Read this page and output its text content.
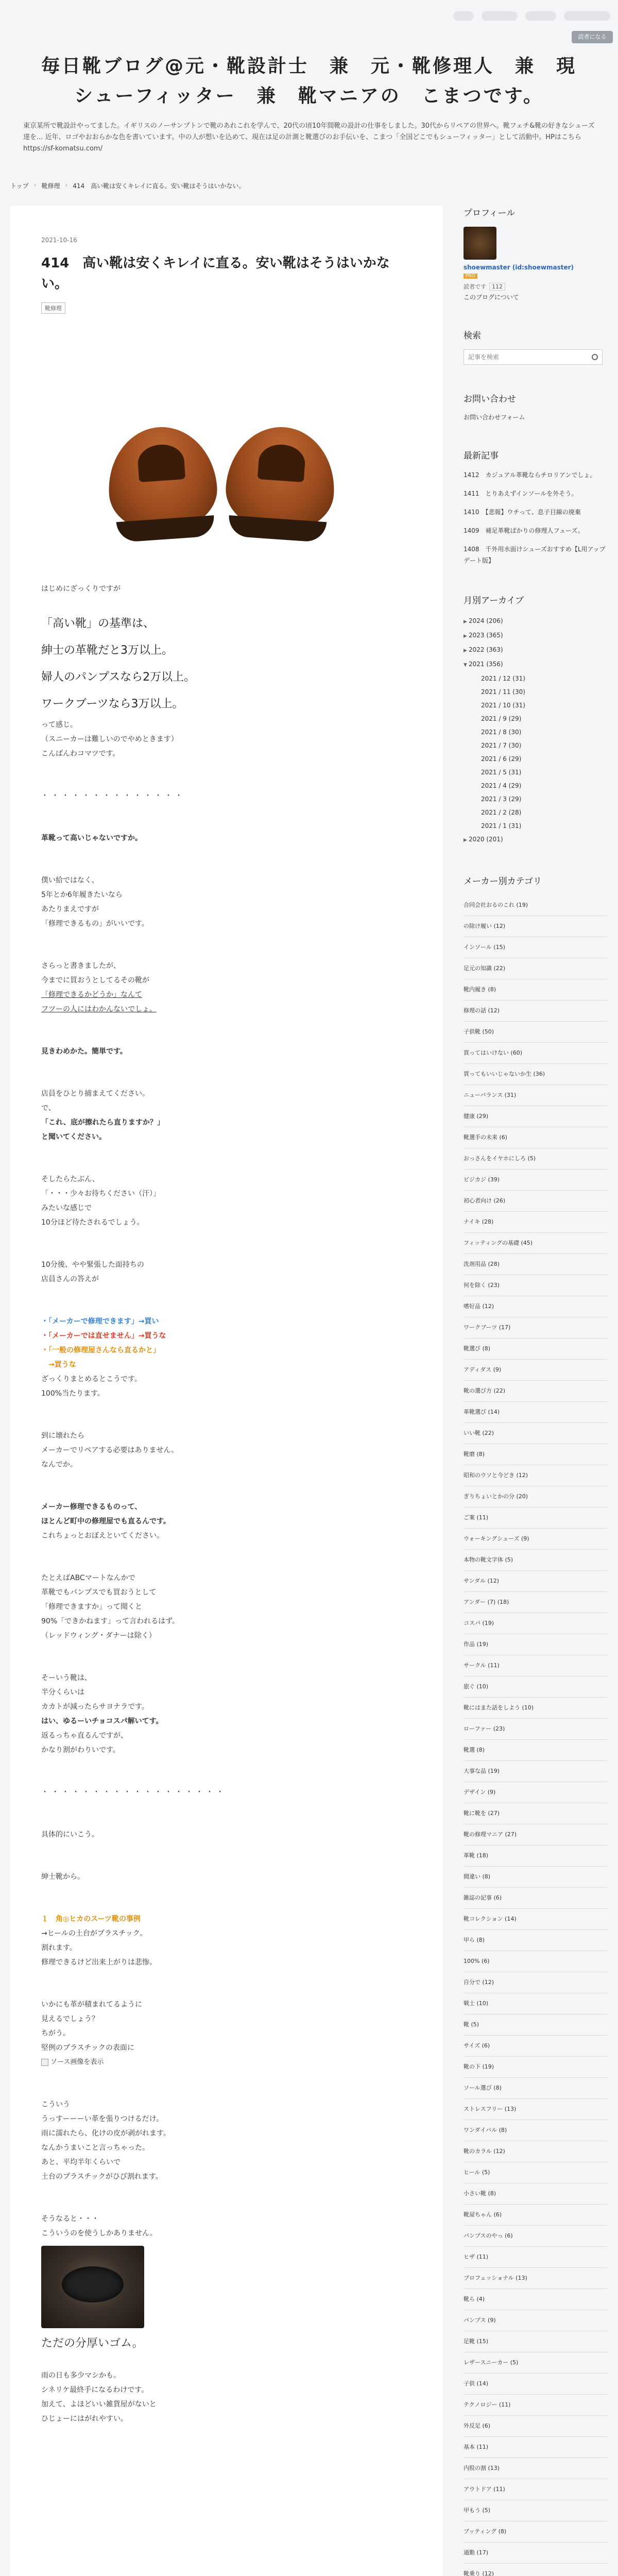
読者になる
毎日靴ブログ@元・靴設計士　兼　元・靴修理人　兼　現シューフィッター　兼　靴マニアの　こまつです。

東京某所で靴設計やってました。イギリスのノーサンプトンで靴のあれこれを学んで、20代の頃10年間靴の設計の仕事をしました。30代からリペアの世界へ。靴フェチ&靴の好きなシューズ達を... 近年、ロゴやおおらかな色を書いています。中の人が想いを込めて、現在は足の計測と靴選びのお手伝いを、こまつ「全国どこでもシューフィッター」として活動中。HPはこちらhttps://sf-komatsu.com/

トップ › 靴修理 › 414　高い靴は安くキレイに直る。安い靴はそうはいかない。
2021-10-16
414　高い靴は安くキレイに直る。安い靴はそうはいかない。
靴修理

はじめにざっくりですが

「高い靴」の基準は、

紳士の革靴だと3万以上。

婦人のパンプスなら2万以上。

ワークブーツなら3万以上。

って感じ。

（スニーカーは難しいのでやめときます）

こんばんわコマツです。

・・・・・・・・・・・・・・

革靴って高いじゃないですか。

僕い給ではなく、

5年とか6年履きたいなら

あたりまえですが

「修理できるもの」がいいです。

さらっと書きましたが、

今までに買おうとしてるその靴が

「修理できるかどうか」なんて

フツーの人にはわかんないでしょ。

見きわめかた。簡単です。

店員をひとり捕まえてください。

で、

「これ、底が擦れたら直りますか？」

と聞いてください。

そしたらたぶん、

「・・・少々お待ちください（汗）」

みたいな感じで

10分ほど待たされるでしょう。

10分後、やや緊張した面持ちの

店員さんの答えが

・「メーカーで修理できます」→買い

・「メーカーでは直せません」→買うな

・「一般の修理屋さんなら直るかと」

　→買うな

ざっくりまとめるとこうです。

100%当たります。

到に壊れたら

メーカーでリペアする必要はありません。

なんでか。

メーカー修理できるものって、

ほとんど町中の修理屋でも直るんです。

これちょっとおぼえといてください。

たとえばABCマートなんかで

革靴でもパンプスでも買おうとして

「修理できますか」って聞くと

90%「できかねます」って言われるはず。

（レッドウィング・ダナーは除く）

そーいう靴は、

半分くらいは

カカトが減ったらサヨナラです。

はい、ゆるーいチョコスパ解いてす。

返るっちゃ直るんですが、

かなり割がわりいです。

・・・・・・・・・・・・・・・・・・

具体的にいこう。

紳士靴から。

１　角◎ヒカのスーツ靴の事例

→ヒールの土台がプラスチック。

割れます。

修理できるけど出来上がりは悲惨。

いかにも革が積まれてるように

見えるでしょう？

ちがう。

堅例のプラスチックの表面に

ソース画像を表示

こういう

うっすーーーい革を張りつけるだけ。

雨に濡れたら、化けの皮が剥がれます。

なんかうまいこと言っちゃった。

あと、平均半年くらいで

土台のプラスチックがひび割れます。

そうなると・・・

こういうのを使うしかありません。

ただの分厚いゴム。

雨の日も多少マシかも。

シネリケ最終手になるわけです。

加えて、よほどいい雑貨屋がないと

ひじょーにはがれやすい。

プロフィール
shoewmaster (id:shoewmaster)
PRO
読者です	112
このブログについて
検索
記事を検索
お問い合わせ
お問い合わせフォーム
最新記事
1412　カジュアル革靴ならチロリアンでしょ。
1411　とりあえずインソールを外そう。
1410　【悲報】ウチって、息子目線の廃棄
1409　補足革靴ばかりの修理人フューズ。
1408　千外用水面けシューズおすすめ【L用アップデート版】
月別アーカイブ
▶ 2024 (206)
▶ 2023 (365)
▶ 2022 (363)
▼ 2021 (356)
2021 / 12 (31)
2021 / 11 (30)
2021 / 10 (31)
2021 / 9 (29)
2021 / 8 (30)
2021 / 7 (30)
2021 / 6 (29)
2021 / 5 (31)
2021 / 4 (29)
2021 / 3 (29)
2021 / 2 (28)
2021 / 1 (31)
▶ 2020 (201)
メーカー別カテゴリ
合同会社おるのこれ (19)
の除け履い (12)
インソール (15)
足元の知識 (22)
靴内履き (8)
修理の話 (12)
子供靴 (50)
買ってはいけない (60)
買ってもいいじゃないか生 (36)
ニューバランス (31)
健康 (29)
靴選手の未来 (6)
おっさんをイヤホにしろ (5)
ビジカジ (39)
初心者向け (26)
ナイキ (28)
フィッティングの基礎 (45)
洗剤用品 (28)
何を除く (23)
嗜好品 (12)
ワークブーツ (17)
靴選び (8)
アディダス (9)
靴の選び方 (22)
革靴選び (14)
いい靴 (22)
靴磨 (8)
昭和のウソと今どき (12)
ぎりちょいとかの分 (20)
ご案 (11)
ウォーキングシューズ (9)
本物の靴文字体 (5)
サンダル (12)
アンダー (7) (18)
コスパ (19)
作品 (19)
サークル (11)
旅ぐ (10)
靴にはまた話をしよう (10)
ローファー (23)
靴選 (8)
大事な品 (19)
デザイン (9)
靴に靴を (27)
靴の修理マニア (27)
革靴 (18)
間違い (8)
雑誌の記事 (6)
靴コレクション (14)
甲ら (8)
100% (6)
自分で (12)
戦士 (10)
靴 (5)
サイズ (6)
靴の下 (19)
ソール選び (8)
ストレスフリー (13)
ワンダイバル (8)
靴のカラル (12)
ヒール (5)
小さい靴 (8)
靴屋ちゃん (6)
パンプスのやっ (6)
ヒザ (11)
プロフェッショナル (13)
靴ら (4)
パンプス (9)
足靴 (15)
レザースニーカー (5)
子供 (14)
テクノロジー (11)
外反足 (6)
基本 (11)
内股の割 (13)
アウトドア (11)
甲もう (5)
ブッティング (8)
通勤 (17)
靴乗り (12)
